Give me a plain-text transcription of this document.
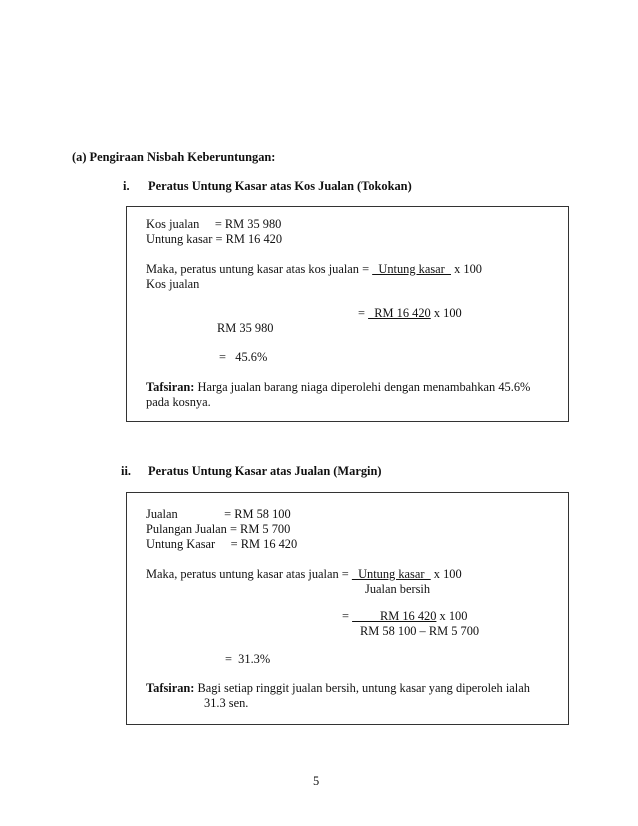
(a) Pengiraan Nisbah Keberuntungan:
i. Peratus Untung Kasar atas Kos Jualan (Tokokan)
Kos jualan     = RM 35 980
Untung kasar = RM 16 420
Maka, peratus untung kasar atas kos jualan =   Untung kasar   x 100
Kos jualan
=   RM 16 420 x 100
RM 35 980
=   45.6%
Tafsiran: Harga jualan barang niaga diperolehi dengan menambahkan 45.6%
pada kosnya.
ii. Peratus Untung Kasar atas Jualan (Margin)
Jualan               = RM 58 100
Pulangan Jualan = RM 5 700
Untung Kasar     = RM 16 420
Maka, peratus untung kasar atas jualan =   Untung kasar   x 100
Jualan bersih
=          RM 16 420 x 100
RM 58 100 – RM 5 700
=  31.3%
Tafsiran: Bagi setiap ringgit jualan bersih, untung kasar yang diperoleh ialah
31.3 sen.
5
